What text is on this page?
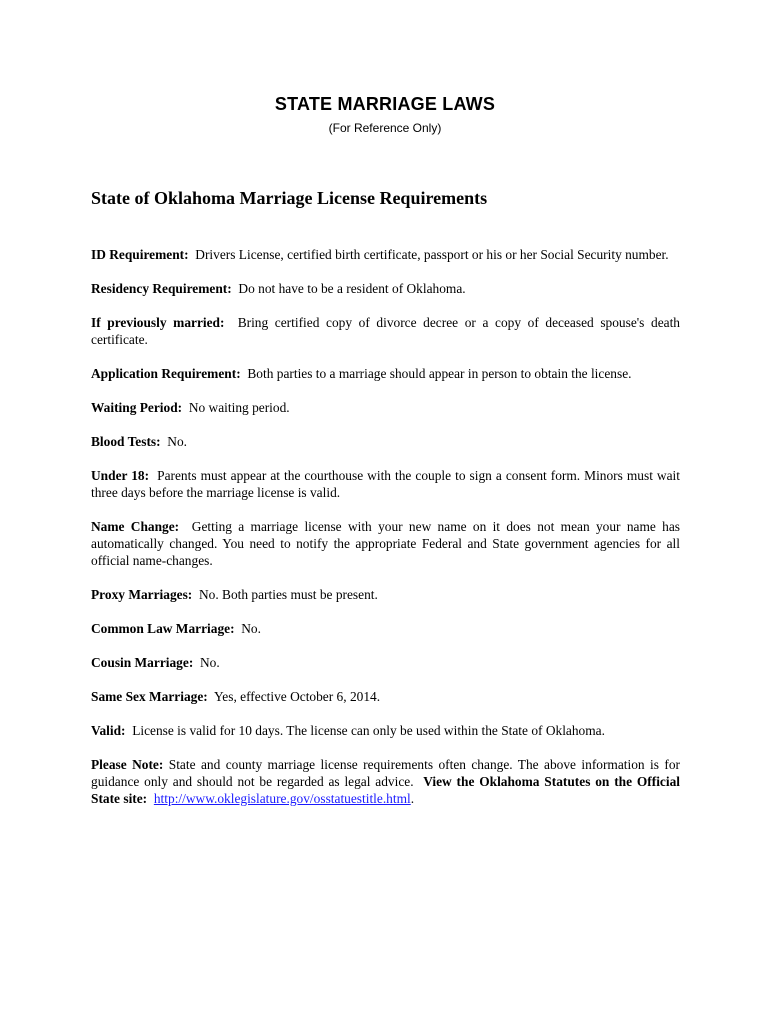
STATE MARRIAGE LAWS
(For Reference Only)
State of Oklahoma Marriage License Requirements

ID Requirement: Drivers License, certified birth certificate, passport or his or her Social Security number.

Residency Requirement: Do not have to be a resident of Oklahoma.

If previously married: Bring certified copy of divorce decree or a copy of deceased spouse's death certificate.

Application Requirement: Both parties to a marriage should appear in person to obtain the license.

Waiting Period: No waiting period.

Blood Tests: No.

Under 18: Parents must appear at the courthouse with the couple to sign a consent form. Minors must wait three days before the marriage license is valid.

Name Change: Getting a marriage license with your new name on it does not mean your name has automatically changed. You need to notify the appropriate Federal and State government agencies for all official name-changes.

Proxy Marriages: No. Both parties must be present.

Common Law Marriage: No.

Cousin Marriage: No.

Same Sex Marriage: Yes, effective October 6, 2014.

Valid: License is valid for 10 days. The license can only be used within the State of Oklahoma.

Please Note: State and county marriage license requirements often change. The above information is for guidance only and should not be regarded as legal advice. View the Oklahoma Statutes on the Official State site: http://www.oklegislature.gov/osstatuestitle.html.
